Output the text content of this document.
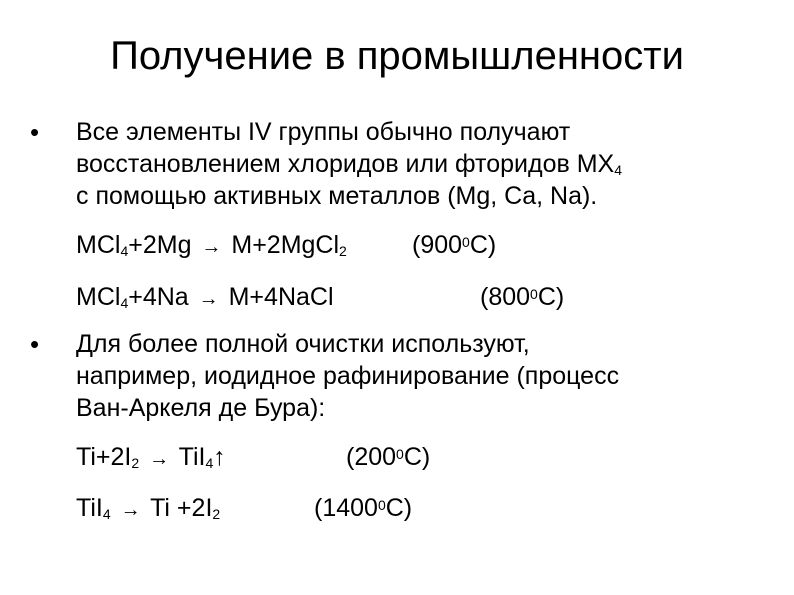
Получение в промышленности
• Все элементы IV группы обычно получают
восстановлением хлоридов или фторидов $MX_4$
с помощью активных металлов (Mg, Ca, Na).
MCl$_4$+2Mg → M+2MgCl$_2$	$(900^0C)$
MCl$_4$+4Na → M+4NaCl	$(800^0C)$
• Для более полной очистки используют,
например, иодидное рафинирование (процесс
Ван-Аркеля де Бура):
$Ti+2I_2$ → TiI$_4$↑	$(200^0C)$
$TiI_4 \to Ti +2I_2$	(1400$^0$C)
